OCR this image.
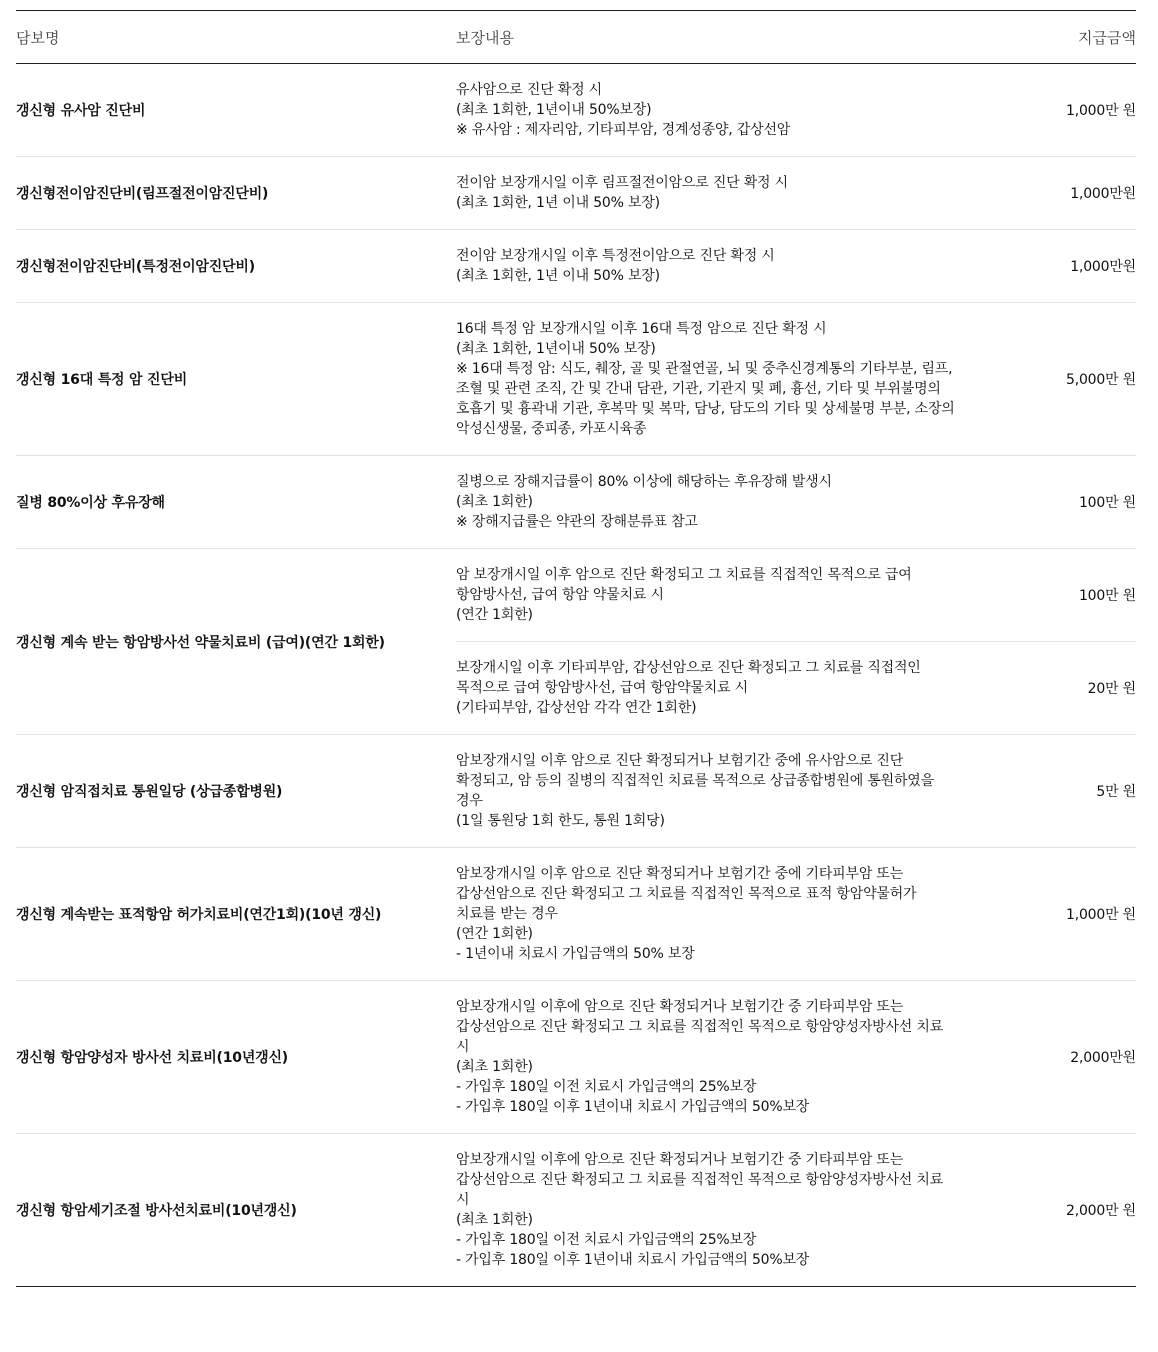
담보명	보장내용	지급금액
갱신형 유사암 진단비
유사암으로 진단 확정 시
(최초 1회한, 1년이내 50%보장)
※ 유사암 : 제자리암, 기타피부암, 경계성종양, 갑상선암
1,000만 원
갱신형전이암진단비(림프절전이암진단비)
전이암 보장개시일 이후 림프절전이암으로 진단 확정 시
(최초 1회한, 1년 이내 50% 보장)
1,000만원
갱신형전이암진단비(특정전이암진단비)
전이암 보장개시일 이후 특정전이암으로 진단 확정 시
(최초 1회한, 1년 이내 50% 보장)
1,000만원
갱신형 16대 특정 암 진단비
16대 특정 암 보장개시일 이후 16대 특정 암으로 진단 확정 시
(최초 1회한, 1년이내 50% 보장)
※ 16대 특정 암: 식도, 췌장, 골 및 관절연골, 뇌 및 중추신경계통의 기타부분, 림프,
조혈 및 관련 조직, 간 및 간내 담관, 기관, 기관지 및 폐, 흉선, 기타 및 부위불명의
호흡기 및 흉곽내 기관, 후복막 및 복막, 담낭, 담도의 기타 및 상세불명 부분, 소장의
악성신생물, 중피종, 카포시육종
5,000만 원
질병 80%이상 후유장해
질병으로 장해지급률이 80% 이상에 해당하는 후유장해 발생시
(최초 1회한)
※ 장해지급률은 약관의 장해분류표 참고
100만 원
갱신형 계속 받는 항암방사선 약물치료비 (급여)(연간 1회한)
암 보장개시일 이후 암으로 진단 확정되고 그 치료를 직접적인 목적으로 급여
항암방사선, 급여 항암 약물치료 시
(연간 1회한)
100만 원
보장개시일 이후 기타피부암, 갑상선암으로 진단 확정되고 그 치료를 직접적인
목적으로 급여 항암방사선, 급여 항암약물치료 시
(기타피부암, 갑상선암 각각 연간 1회한)
20만 원
갱신형 암직접치료 통원일당 (상급종합병원)
암보장개시일 이후 암으로 진단 확정되거나 보험기간 중에 유사암으로 진단
확정되고, 암 등의 질병의 직접적인 치료를 목적으로 상급종합병원에 통원하였을
경우
(1일 통원당 1회 한도, 통원 1회당)
5만 원
갱신형 계속받는 표적항암 허가치료비(연간1회)(10년 갱신)
암보장개시일 이후 암으로 진단 확정되거나 보험기간 중에 기타피부암 또는
갑상선암으로 진단 확정되고 그 치료를 직접적인 목적으로 표적 항암약물허가
치료를 받는 경우
(연간 1회한)
- 1년이내 치료시 가입금액의 50% 보장
1,000만 원
갱신형 항암양성자 방사선 치료비(10년갱신)
암보장개시일 이후에 암으로 진단 확정되거나 보험기간 중 기타피부암 또는
갑상선암으로 진단 확정되고 그 치료를 직접적인 목적으로 항암양성자방사선 치료
시
(최초 1회한)
- 가입후 180일 이전 치료시 가입금액의 25%보장
- 가입후 180일 이후 1년이내 치료시 가입금액의 50%보장
2,000만원
갱신형 항암세기조절 방사선치료비(10년갱신)
암보장개시일 이후에 암으로 진단 확정되거나 보험기간 중 기타피부암 또는
갑상선암으로 진단 확정되고 그 치료를 직접적인 목적으로 항암양성자방사선 치료
시
(최초 1회한)
- 가입후 180일 이전 치료시 가입금액의 25%보장
- 가입후 180일 이후 1년이내 치료시 가입금액의 50%보장
2,000만 원
